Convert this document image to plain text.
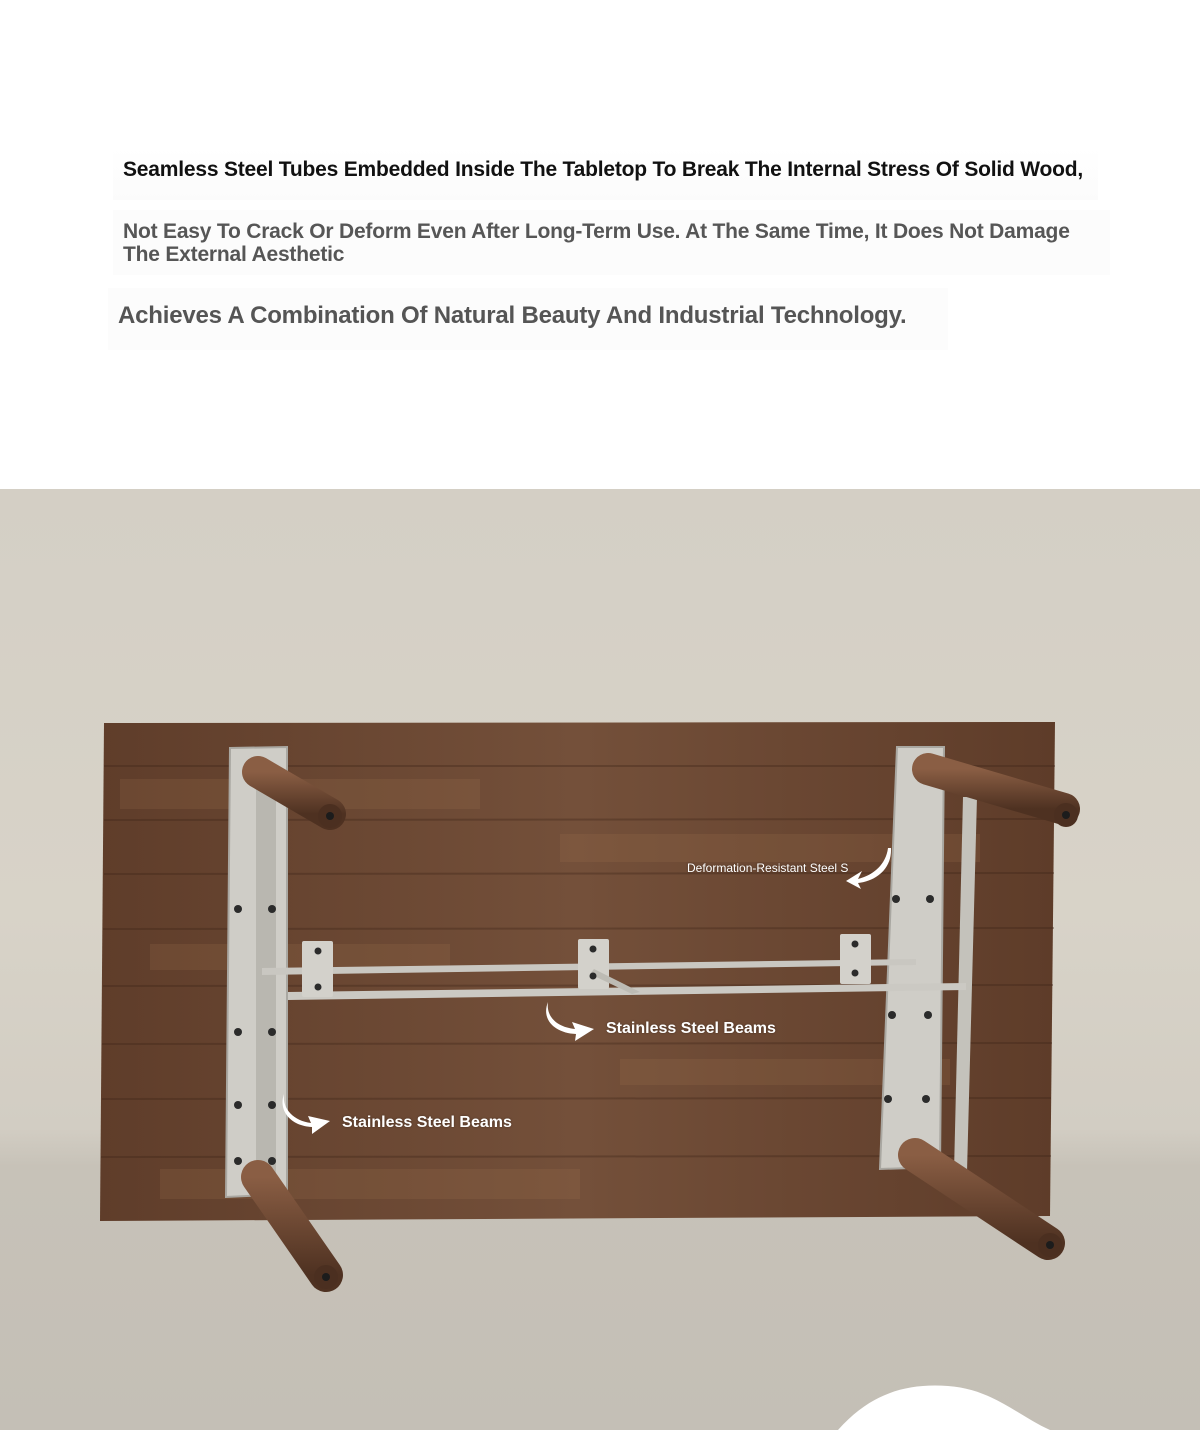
Seamless Steel Tubes Embedded Inside The Tabletop To Break The Internal Stress Of Solid Wood,

Not Easy To Crack Or Deform Even After Long-Term Use. At The Same Time, It Does Not Damage The External Aesthetic

Achieves A Combination Of Natural Beauty And Industrial Technology.

Deformation-Resistant Steel S
Stainless Steel Beams
Stainless Steel Beams
